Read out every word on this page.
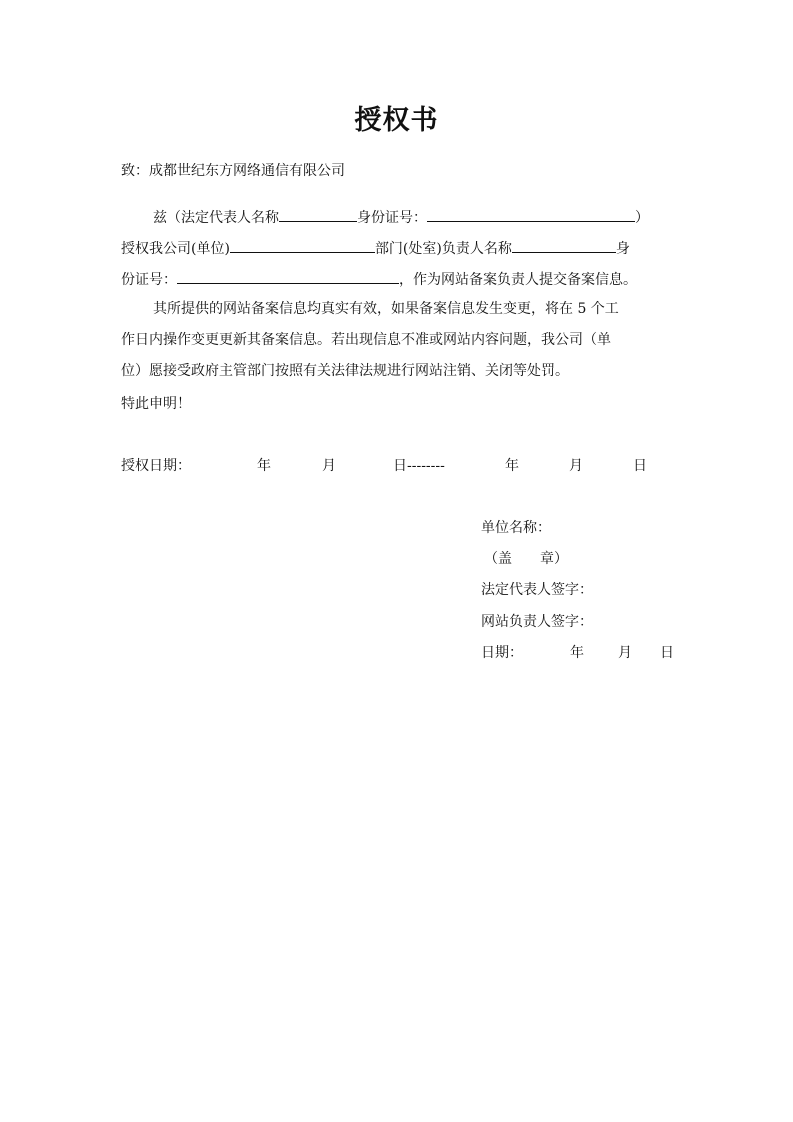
授权书
致：成都世纪东方网络通信有限公司
兹（法定代表人名称	身份证号：	）
授权我公司(单位)	部门(处室)负责人名称	身
份证号：	，作为网站备案负责人提交备案信息。
其所提供的网站备案信息均真实有效，如果备案信息发生变更，将在 5 个工
作日内操作变更更新其备案信息。若出现信息不准或网站内容问题，我公司（单
位）愿接受政府主管部门按照有关法律法规进行网站注销、关闭等处罚。
特此申明！
授权日期：	年	月	日--------	年	月	日
单位名称：
（盖　　章）
法定代表人签字：
网站负责人签字：
日期：	年 月 日
